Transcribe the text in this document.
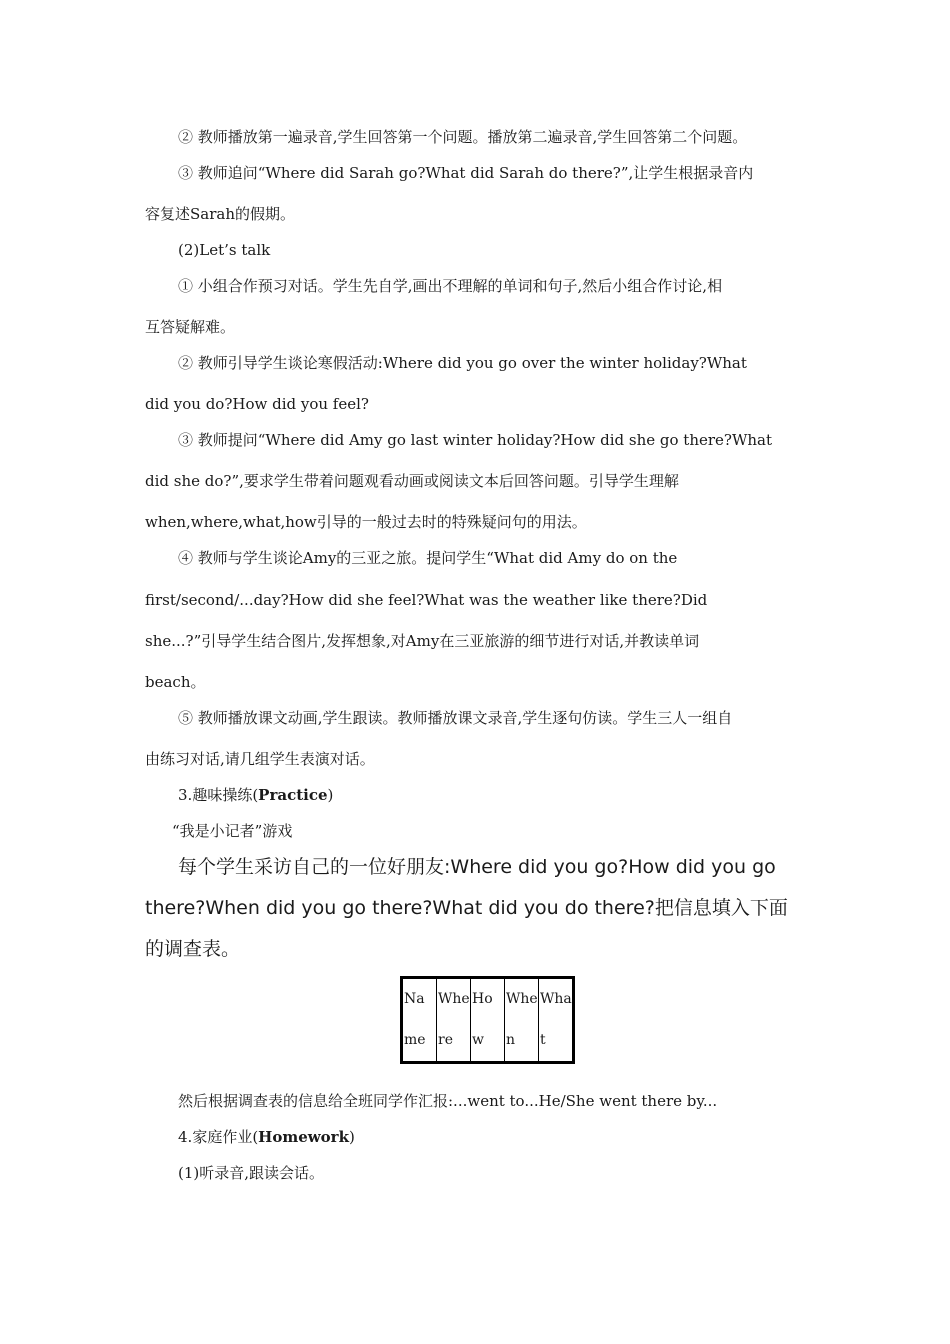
② 教师播放第一遍录音,学生回答第一个问题。播放第二遍录音,学生回答第二个问题。
③ 教师追问“Where did Sarah go?What did Sarah do there?”,让学生根据录音内
容复述Sarah的假期。
(2)Let’s talk
① 小组合作预习对话。学生先自学,画出不理解的单词和句子,然后小组合作讨论,相
互答疑解难。
② 教师引导学生谈论寒假活动:Where did you go over the winter holiday?What
did you do?How did you feel?
③ 教师提问“Where did Amy go last winter holiday?How did she go there?What
did she do?”,要求学生带着问题观看动画或阅读文本后回答问题。引导学生理解
when,where,what,how引导的一般过去时的特殊疑问句的用法。
④ 教师与学生谈论Amy的三亚之旅。提问学生“What did Amy do on the
first/second/...day?How did she feel?What was the weather like there?Did
she...?”引导学生结合图片,发挥想象,对Amy在三亚旅游的细节进行对话,并教读单词
beach。
⑤ 教师播放课文动画,学生跟读。教师播放课文录音,学生逐句仿读。学生三人一组自
由练习对话,请几组学生表演对话。
3.趣味操练(Practice)
“我是小记者”游戏
每个学生采访自己的一位好朋友:Where did you go?How did you go
there?When did you go there?What did you do there?把信息填入下面
的调查表。
Name	Where	How	When	What
然后根据调查表的信息给全班同学作汇报:...went to...He/She went there by...
4.家庭作业(Homework)
(1)听录音,跟读会话。
